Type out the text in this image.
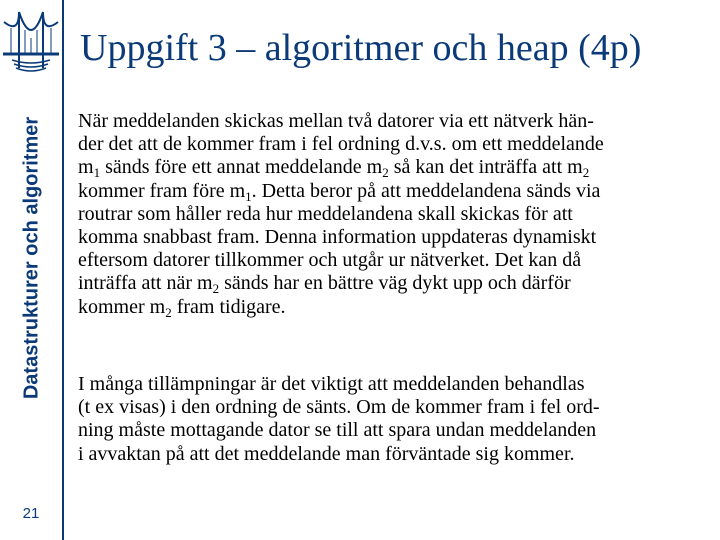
Datastrukturer och algoritmer
21
Uppgift 3 – algoritmer och heap (4p)
När meddelanden skickas mellan två datorer via ett nätverk hän-
der det att de kommer fram i fel ordning d.v.s. om ett meddelande
$m_1$ sänds före ett annat meddelande $m_2$ så kan det inträffa att $m_2$
kommer fram före $m_1$. Detta beror på att meddelandena sänds via
routrar som håller reda hur meddelandena skall skickas för att
komma snabbast fram. Denna information uppdateras dynamiskt
eftersom datorer tillkommer och utgår ur nätverket. Det kan då
inträffa att när $m_2$ sänds har en bättre väg dykt upp och därför
kommer $m_2$ fram tidigare.
I många tillämpningar är det viktigt att meddelanden behandlas
(t ex visas) i den ordning de sänts. Om de kommer fram i fel ord-
ning måste mottagande dator se till att spara undan meddelanden
i avvaktan på att det meddelande man förväntade sig kommer.
